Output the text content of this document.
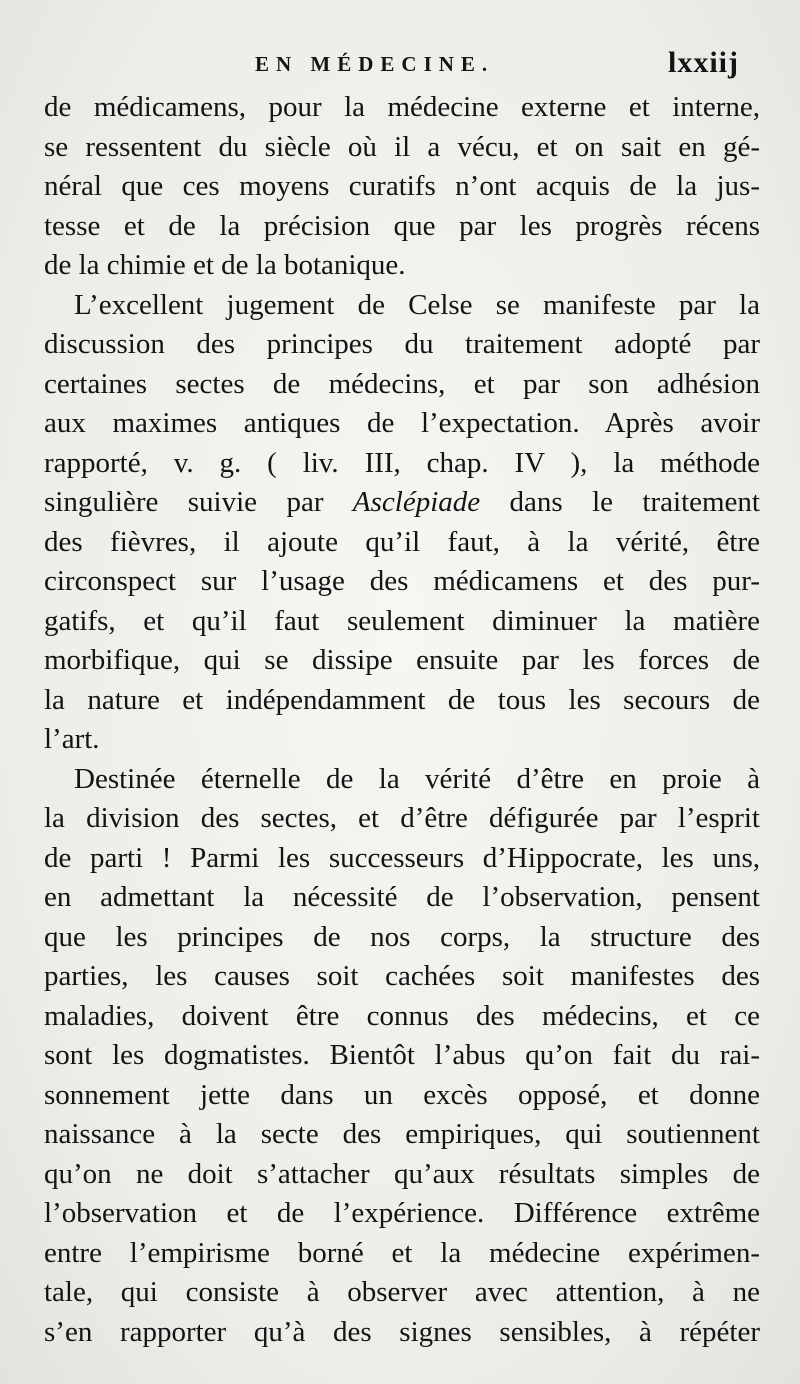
EN MÉDECINE.	lxxiij
de médicamens, pour la médecine externe et interne,
se ressentent du siècle où il a vécu, et on sait en gé-
néral que ces moyens curatifs n’ont acquis de la jus-
tesse et de la précision que par les progrès récens
de la chimie et de la botanique.
L’excellent jugement de Celse se manifeste par la
discussion des principes du traitement adopté par
certaines sectes de médecins, et par son adhésion
aux maximes antiques de l’expectation. Après avoir
rapporté, v. g. ( liv. III, chap. IV ), la méthode
singulière suivie par Asclépiade dans le traitement
des fièvres, il ajoute qu’il faut, à la vérité, être
circonspect sur l’usage des médicamens et des pur-
gatifs, et qu’il faut seulement diminuer la matière
morbifique, qui se dissipe ensuite par les forces de
la nature et indépendamment de tous les secours de
l’art.
Destinée éternelle de la vérité d’être en proie à
la division des sectes, et d’être défigurée par l’esprit
de parti ! Parmi les successeurs d’Hippocrate, les uns,
en admettant la nécessité de l’observation, pensent
que les principes de nos corps, la structure des
parties, les causes soit cachées soit manifestes des
maladies, doivent être connus des médecins, et ce
sont les dogmatistes. Bientôt l’abus qu’on fait du rai-
sonnement jette dans un excès opposé, et donne
naissance à la secte des empiriques, qui soutiennent
qu’on ne doit s’attacher qu’aux résultats simples de
l’observation et de l’expérience. Différence extrême
entre l’empirisme borné et la médecine expérimen-
tale, qui consiste à observer avec attention, à ne
s’en rapporter qu’à des signes sensibles, à répéter
